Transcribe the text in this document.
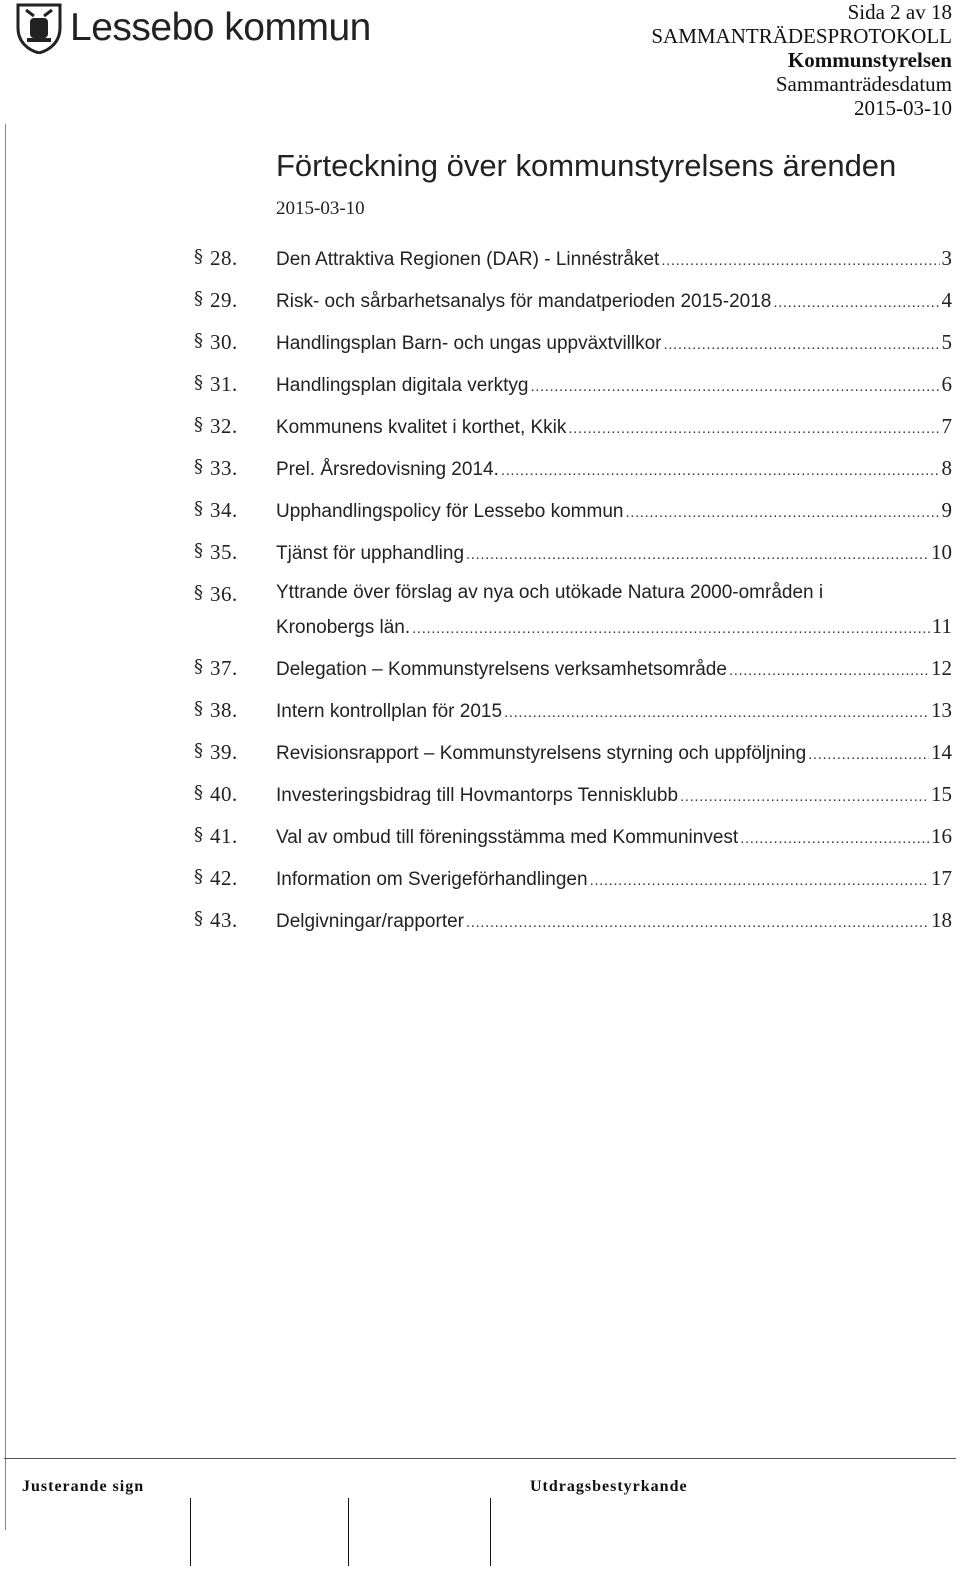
Lessebo kommun	Sida 2 av 18
SAMMANTRÄDESPROTOKOLL
Kommunstyrelsen
Sammanträdesdatum
2015-03-10
Förteckning över kommunstyrelsens ärenden
2015-03-10
§ 28. Den Attraktiva Regionen (DAR) - Linnéstråket .....	3
§ 29. Risk- och sårbarhetsanalys för mandatperioden 2015-2018 .....	4
§ 30. Handlingsplan Barn- och ungas uppväxtvillkor .....	5
§ 31. Handlingsplan digitala verktyg .....	6
§ 32. Kommunens kvalitet i korthet, Kkik .....	7
§ 33. Prel. Årsredovisning 2014. .....	8
§ 34. Upphandlingspolicy för Lessebo kommun .....	9
§ 35. Tjänst för upphandling .....	10
§ 36. Yttrande över förslag av nya och utökade Natura 2000-områden i
Kronobergs län. .....	11
§ 37. Delegation – Kommunstyrelsens verksamhetsområde .....	12
§ 38. Intern kontrollplan för 2015 .....	13
§ 39. Revisionsrapport – Kommunstyrelsens styrning och uppföljning .....	14
§ 40. Investeringsbidrag till Hovmantorps Tennisklubb .....	15
§ 41. Val av ombud till föreningsstämma med Kommuninvest .....	16
§ 42. Information om Sverigeförhandlingen .....	17
§ 43. Delgivningar/rapporter .....	18
Justerande sign	Utdragsbestyrkande
